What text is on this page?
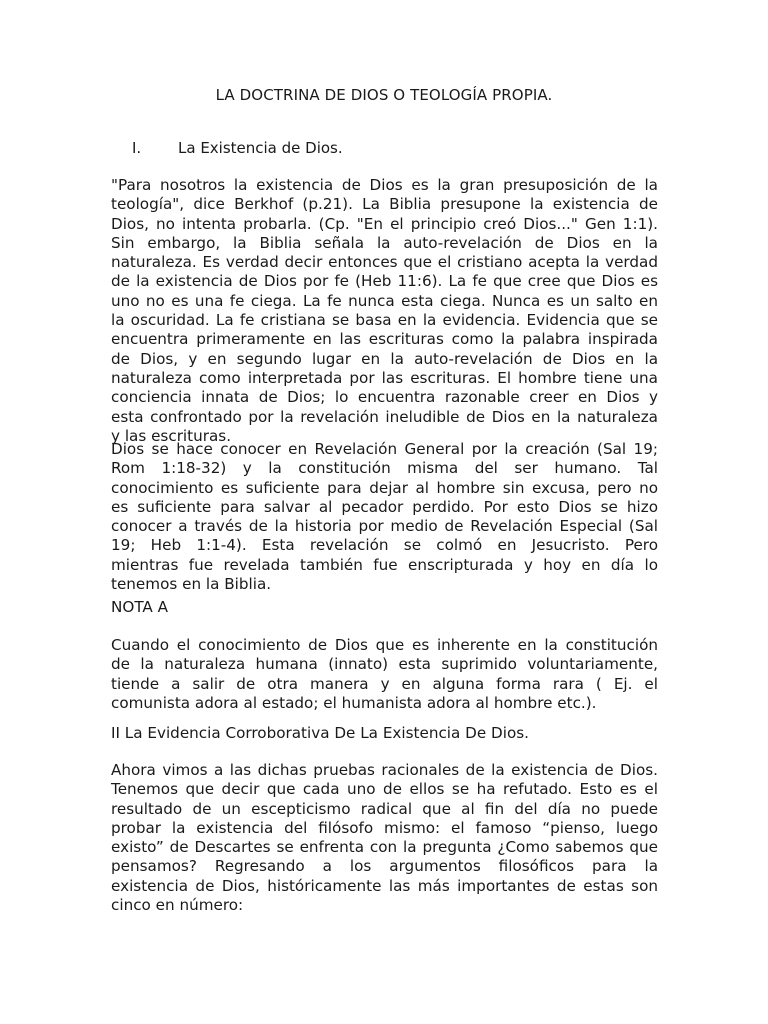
LA DOCTRINA DE DIOS O TEOLOGÍA PROPIA.
I. La Existencia de Dios.
"Para nosotros la existencia de Dios es la gran presuposición de la
teología", dice Berkhof (p.21). La Biblia presupone la existencia de
Dios, no intenta probarla. (Cp. "En el principio creó Dios..." Gen 1:1).
Sin embargo, la Biblia señala la auto-revelación de Dios en la
naturaleza. Es verdad decir entonces que el cristiano acepta la verdad
de la existencia de Dios por fe (Heb 11:6). La fe que cree que Dios es
uno no es una fe ciega. La fe nunca esta ciega. Nunca es un salto en
la oscuridad. La fe cristiana se basa en la evidencia. Evidencia que se
encuentra primeramente en las escrituras como la palabra inspirada
de Dios, y en segundo lugar en la auto-revelación de Dios en la
naturaleza como interpretada por las escrituras. El hombre tiene una
conciencia innata de Dios; lo encuentra razonable creer en Dios y
esta confrontado por la revelación ineludible de Dios en la naturaleza
y las escrituras.
Dios se hace conocer en Revelación General por la creación (Sal 19;
Rom 1:18-32) y la constitución misma del ser humano. Tal
conocimiento es suficiente para dejar al hombre sin excusa, pero no
es suficiente para salvar al pecador perdido. Por esto Dios se hizo
conocer a través de la historia por medio de Revelación Especial (Sal
19; Heb 1:1-4). Esta revelación se colmó en Jesucristo. Pero
mientras fue revelada también fue enscripturada y hoy en día lo
tenemos en la Biblia.
NOTA A
Cuando el conocimiento de Dios que es inherente en la constitución
de la naturaleza humana (innato) esta suprimido voluntariamente,
tiende a salir de otra manera y en alguna forma rara ( Ej. el
comunista adora al estado; el humanista adora al hombre etc.).
II La Evidencia Corroborativa De La Existencia De Dios.
Ahora vimos a las dichas pruebas racionales de la existencia de Dios.
Tenemos que decir que cada uno de ellos se ha refutado. Esto es el
resultado de un escepticismo radical que al fin del día no puede
probar la existencia del filósofo mismo: el famoso “pienso, luego
existo” de Descartes se enfrenta con la pregunta ¿Como sabemos que
pensamos? Regresando a los argumentos filosóficos para la
existencia de Dios, históricamente las más importantes de estas son
cinco en número:
